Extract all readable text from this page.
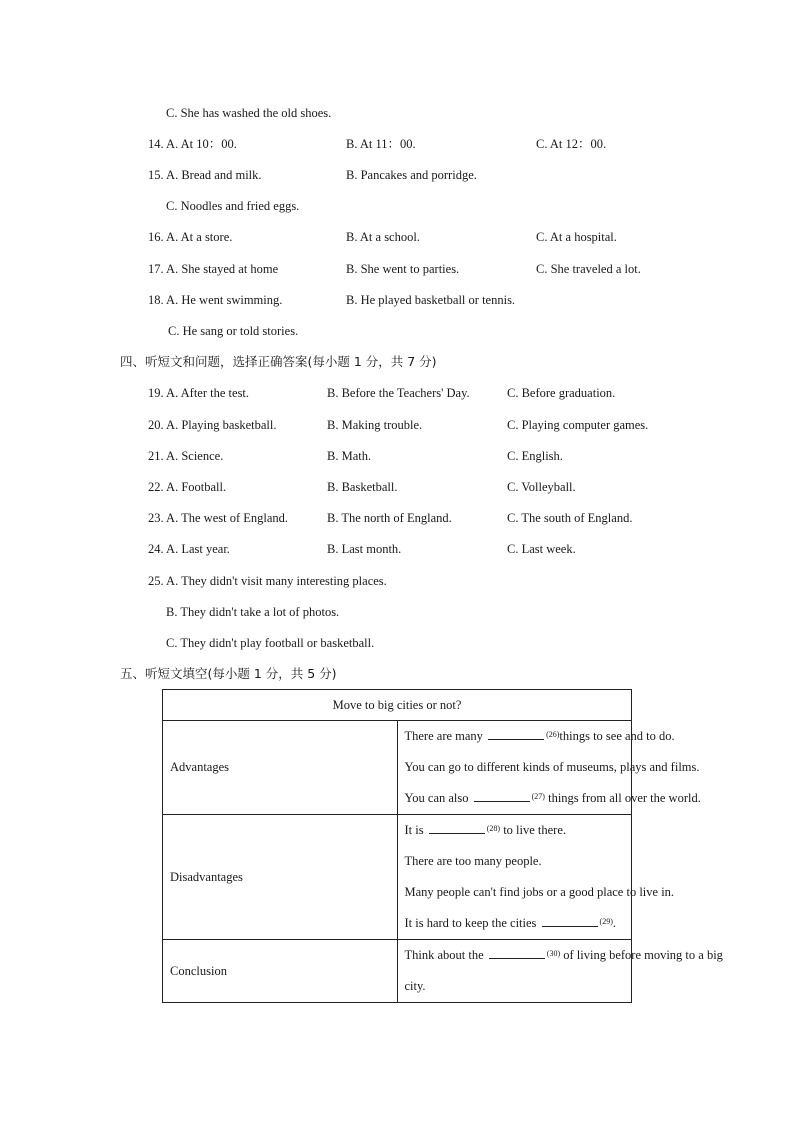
C. She has washed the old shoes.
14. A. At 10：00.	B. At 11：00.	C. At 12：00.
15. A. Bread and milk.	B. Pancakes and porridge.
C. Noodles and fried eggs.
16. A. At a store.	B. At a school.	C. At a hospital.
17. A. She stayed at home	B. She went to parties.	C. She traveled a lot.
18. A. He went swimming.	B. He played basketball or tennis.
C. He sang or told stories.
四、听短文和问题，选择正确答案(每小题 1 分，共 7 分)
19. A. After the test.	B. Before the Teachers' Day.	C. Before graduation.
20. A. Playing basketball.	B. Making trouble.	C. Playing computer games.
21. A. Science.	B. Math.	C. English.
22. A. Football.	B. Basketball.	C. Volleyball.
23. A. The west of England.	B. The north of England.	C. The south of England.
24. A. Last year.	B. Last month.	C. Last week.
25. A. They didn't visit many interesting places.
B. They didn't take a lot of photos.
C. They didn't play football or basketball.
五、听短文填空(每小题 1 分，共 5 分)
Move to big cities or not?	
Advantages	There are many $^{(26)}$things to see and to do.
You can go to different kinds of museums, plays and films.
You can also $^{(27)}$ things from all over the world.

Disadvantages	It is $^{(28)}$ to live there.
There are too many people.
Many people can't find jobs or a good place to live in.
It is hard to keep the cities $^{(29)}$.

Conclusion	Think about the $^{(30)}$ of living before moving to a big
city.
